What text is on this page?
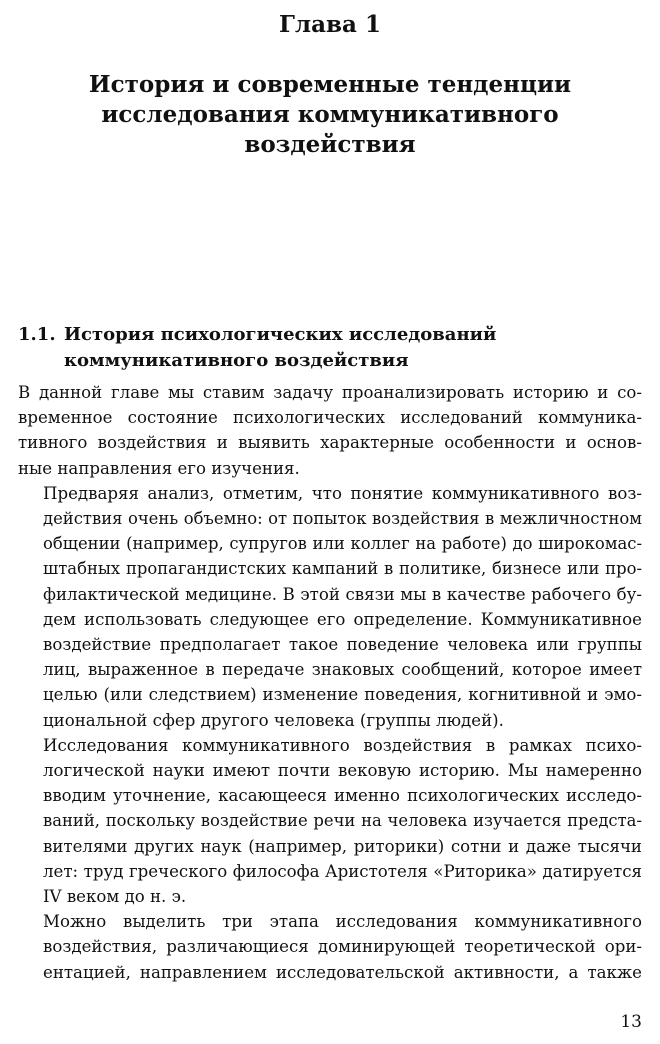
Глава 1
История и современные тенденции
исследования коммуникативного воздействия
1.1. История психологических исследований
коммуникативного воздействия

В данной главе мы ставим задачу проанализировать историю и со-
временное состояние психологических исследований коммуника-
тивного воздействия и выявить характерные особенности и основ-
ные направления его изучения.

Предваряя анализ, отметим, что понятие коммуникативного воз-
действия очень объемно: от попыток воздействия в межличностном
общении (например, супругов или коллег на работе) до широкомас-
штабных пропагандистских кампаний в политике, бизнесе или про-
филактической медицине. В этой связи мы в качестве рабочего бу-
дем использовать следующее его определение. Коммуникативное
воздействие предполагает такое поведение человека или группы
лиц, выраженное в передаче знаковых сообщений, которое имеет
целью (или следствием) изменение поведения, когнитивной и эмо-
циональной сфер другого человека (группы людей).

Исследования коммуникативного воздействия в рамках психо-
логической науки имеют почти вековую историю. Мы намеренно
вводим уточнение, касающееся именно психологических исследо-
ваний, поскольку воздействие речи на человека изучается предста-
вителями других наук (например, риторики) сотни и даже тысячи
лет: труд греческого философа Аристотеля «Риторика» датируется
IV веком до н. э.

Можно выделить три этапа исследования коммуникативного
воздействия, различающиеся доминирующей теоретической ори-
ентацией, направлением исследовательской активности, а также

13
